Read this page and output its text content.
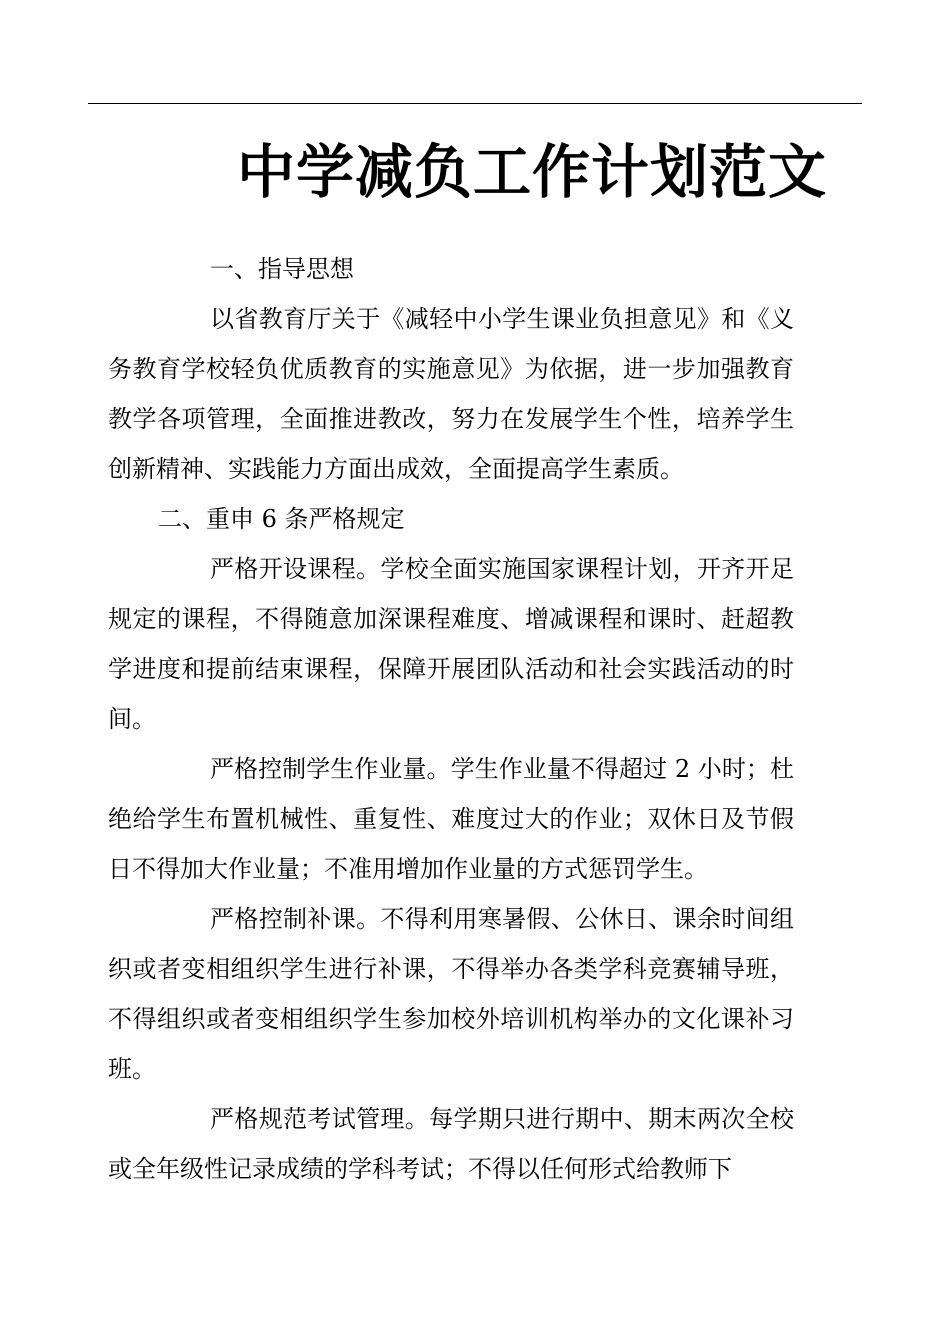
中学减负工作计划范文

一、指导思想

以省教育厅关于《减轻中小学生课业负担意见》和《义务教育学校轻负优质教育的实施意见》为依据，进一步加强教育教学各项管理，全面推进教改，努力在发展学生个性，培养学生创新精神、实践能力方面出成效，全面提高学生素质。

二、重申 6 条严格规定

严格开设课程。学校全面实施国家课程计划，开齐开足规定的课程，不得随意加深课程难度、增减课程和课时、赶超教学进度和提前结束课程，保障开展团队活动和社会实践活动的时间。

严格控制学生作业量。学生作业量不得超过 2 小时；杜绝给学生布置机械性、重复性、难度过大的作业；双休日及节假日不得加大作业量；不准用增加作业量的方式惩罚学生。

严格控制补课。不得利用寒暑假、公休日、课余时间组织或者变相组织学生进行补课，不得举办各类学科竞赛辅导班，不得组织或者变相组织学生参加校外培训机构举办的文化课补习班。

严格规范考试管理。每学期只进行期中、期末两次全校或全年级性记录成绩的学科考试；不得以任何形式给教师下
